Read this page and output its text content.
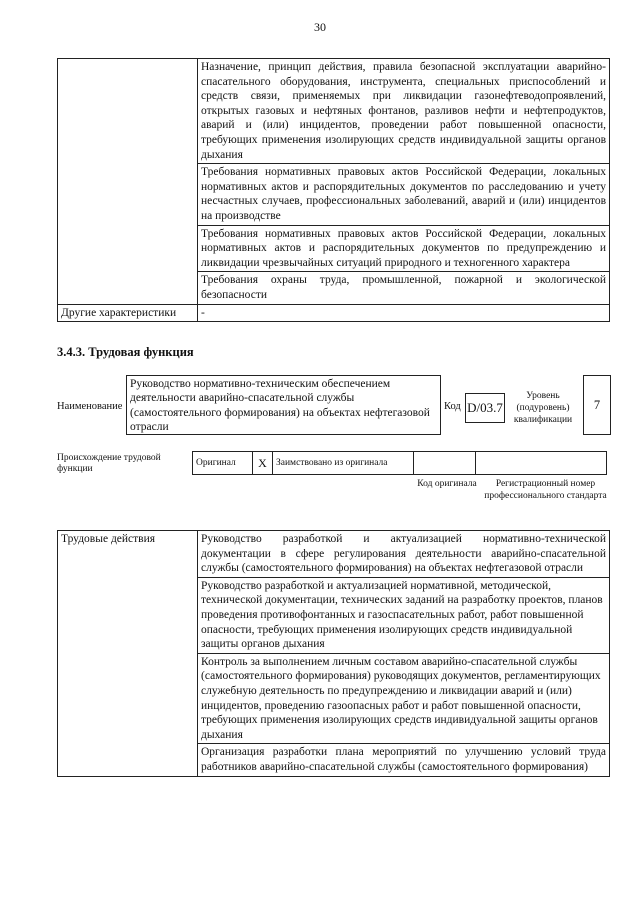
30
	Назначение, принцип действия, правила безопасной эксплуатации аварийно-спасательного оборудования, инструмента, специальных приспособлений и средств связи, применяемых при ликвидации газонефтеводопроявлений, открытых газовых и нефтяных фонтанов, разливов нефти и нефтепродуктов, аварий и (или) инцидентов, проведении работ повышенной опасности, требующих применения изолирующих средств индивидуальной защиты органов дыхания
	Требования нормативных правовых актов Российской Федерации, локальных нормативных актов и распорядительных документов по расследованию и учету несчастных случаев, профессиональных заболеваний, аварий и (или) инцидентов на производстве
	Требования нормативных правовых актов Российской Федерации, локальных нормативных актов и распорядительных документов по предупреждению и ликвидации чрезвычайных ситуаций природного и техногенного характера
	Требования охраны труда, промышленной, пожарной и экологической безопасности
Другие характеристики	-
3.4.3. Трудовая функция
Наименование
Руководство нормативно-техническим обеспечением деятельности аварийно-спасательной службы (самостоятельного формирования) на объектах нефтегазовой отрасли
Код D/03.7
Уровень (подуровень) квалификации
7
Происхождение трудовой функции
Оригинал	X	Заимствовано из оригинала		
Код оригинала	Регистрационный номер профессионального стандарта
Трудовые действия	Руководство разработкой и актуализацией нормативно-технической документации в сфере регулирования деятельности аварийно-спасательной службы (самостоятельного формирования) на объектах нефтегазовой отрасли
Руководство разработкой и актуализацией нормативной, методической, технической документации, технических заданий на разработку проектов, планов проведения противофонтанных и газоспасательных работ, работ повышенной опасности, требующих применения изолирующих средств индивидуальной защиты органов дыхания
Контроль за выполнением личным составом аварийно-спасательной службы (самостоятельного формирования) руководящих документов, регламентирующих служебную деятельность по предупреждению и ликвидации аварий и (или) инцидентов, проведению газоопасных работ и работ повышенной опасности, требующих применения изолирующих средств индивидуальной защиты органов дыхания
Организация разработки плана мероприятий по улучшению условий труда работников аварийно-спасательной службы (самостоятельного формирования)
